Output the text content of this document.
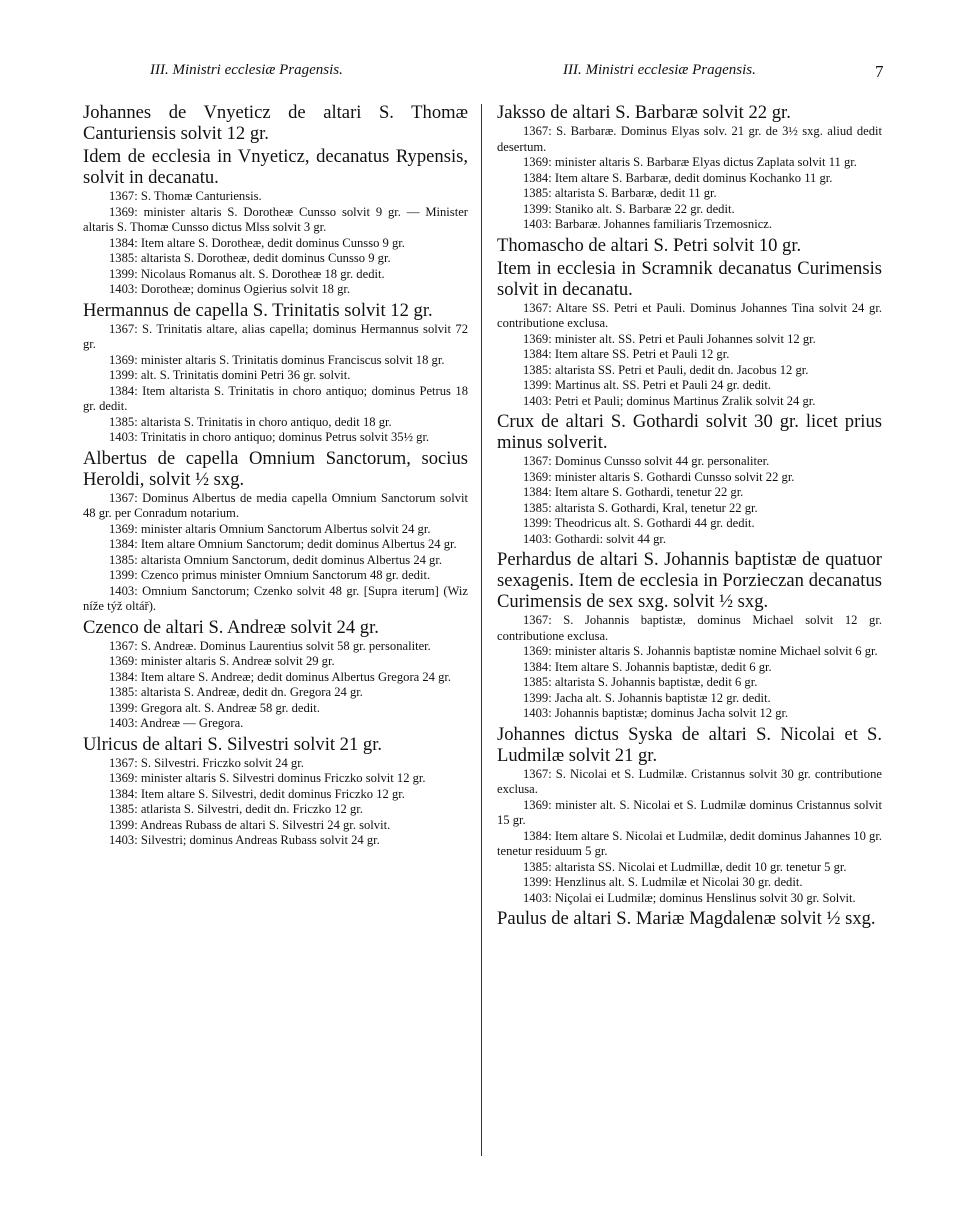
III. Ministri ecclesiæ Pragensis.	III. Ministri ecclesiæ Pragensis.	7

Johannes de Vnyeticz de altari S. Thomæ Canturiensis solvit 12 gr.

Idem de ecclesia in Vnyeticz, decanatus Rypensis, solvit in decanatu.

1367: S. Thomæ Canturiensis.

1369: minister altaris S. Dorotheæ Cunsso solvit 9 gr. — Minister altaris S. Thomæ Cunsso dictus Mlss solvit 3 gr.

1384: Item altare S. Dorotheæ, dedit dominus Cunsso 9 gr.

1385: altarista S. Dorotheæ, dedit dominus Cunsso 9 gr.

1399: Nicolaus Romanus alt. S. Dorotheæ 18 gr. dedit.

1403: Dorotheæ; dominus Ogierius solvit 18 gr.

Hermannus de capella S. Trinitatis solvit 12 gr.

1367: S. Trinitatis altare, alias capella; dominus Hermannus solvit 72 gr.

1369: minister altaris S. Trinitatis dominus Franciscus solvit 18 gr.

1399: alt. S. Trinitatis domini Petri 36 gr. solvit.

1384: Item altarista S. Trinitatis in choro antiquo; dominus Petrus 18 gr. dedit.

1385: altarista S. Trinitatis in choro antiquo, dedit 18 gr.

1403: Trinitatis in choro antiquo; dominus Petrus solvit 35½ gr.

Albertus de capella Omnium Sanctorum, socius Heroldi, solvit ½ sxg.

1367: Dominus Albertus de media capella Omnium Sanctorum solvit 48 gr. per Conradum notarium.

1369: minister altaris Omnium Sanctorum Albertus solvit 24 gr.

1384: Item altare Omnium Sanctorum; dedit dominus Albertus 24 gr.

1385: altarista Omnium Sanctorum, dedit dominus Albertus 24 gr.

1399: Czenco primus minister Omnium Sanctorum 48 gr. dedit.

1403: Omnium Sanctorum; Czenko solvit 48 gr. [Supra iterum] (Wiz níže týž oltář).

Czenco de altari S. Andreæ solvit 24 gr.

1367: S. Andreæ. Dominus Laurentius solvit 58 gr. personaliter.

1369: minister altaris S. Andreæ solvit 29 gr.

1384: Item altare S. Andreæ; dedit dominus Albertus Gregora 24 gr.

1385: altarista S. Andreæ, dedit dn. Gregora 24 gr.

1399: Gregora alt. S. Andreæ 58 gr. dedit.

1403: Andreæ — Gregora.

Ulricus de altari S. Silvestri solvit 21 gr.

1367: S. Silvestri. Friczko solvit 24 gr.

1369: minister altaris S. Silvestri dominus Friczko solvit 12 gr.

1384: Item altare S. Silvestri, dedit dominus Friczko 12 gr.

1385: atlarista S. Silvestri, dedit dn. Friczko 12 gr.

1399: Andreas Rubass de altari S. Silvestri 24 gr. solvit.

1403: Silvestri; dominus Andreas Rubass solvit 24 gr.

Jaksso de altari S. Barbaræ solvit 22 gr.

1367: S. Barbaræ. Dominus Elyas solv. 21 gr. de 3½ sxg. aliud dedit desertum.

1369: minister altaris S. Barbaræ Elyas dictus Zaplata solvit 11 gr.

1384: Item altare S. Barbaræ, dedit dominus Kochanko 11 gr.

1385: altarista S. Barbaræ, dedit 11 gr.

1399: Staniko alt. S. Barbaræ 22 gr. dedit.

1403: Barbaræ. Johannes familiaris Trzemosnicz.

Thomascho de altari S. Petri solvit 10 gr.

Item in ecclesia in Scramnik decanatus Curimensis solvit in decanatu.

1367: Altare SS. Petri et Pauli. Dominus Johannes Tina solvit 24 gr. contributione exclusa.

1369: minister alt. SS. Petri et Pauli Johannes solvit 12 gr.

1384: Item altare SS. Petri et Pauli 12 gr.

1385: altarista SS. Petri et Pauli, dedit dn. Jacobus 12 gr.

1399: Martinus alt. SS. Petri et Pauli 24 gr. dedit.

1403: Petri et Pauli; dominus Martinus Zralik solvit 24 gr.

Crux de altari S. Gothardi solvit 30 gr. licet prius minus solverit.

1367: Dominus Cunsso solvit 44 gr. personaliter.

1369: minister altaris S. Gothardi Cunsso solvit 22 gr.

1384: Item altare S. Gothardi, tenetur 22 gr.

1385: altarista S. Gothardi, Kral, tenetur 22 gr.

1399: Theodricus alt. S. Gothardi 44 gr. dedit.

1403: Gothardi: solvit 44 gr.

Perhardus de altari S. Johannis baptistæ de quatuor sexagenis. Item de ecclesia in Porzieczan decanatus Curimensis de sex sxg. solvit ½ sxg.

1367: S. Johannis baptistæ, dominus Michael solvit 12 gr. contributione exclusa.

1369: minister altaris S. Johannis baptistæ nomine Michael solvit 6 gr.

1384: Item altare S. Johannis baptistæ, dedit 6 gr.

1385: altarista S. Johannis baptistæ, dedit 6 gr.

1399: Jacha alt. S. Johannis baptistæ 12 gr. dedit.

1403: Johannis baptistæ; dominus Jacha solvit 12 gr.

Johannes dictus Syska de altari S. Nicolai et S. Ludmilæ solvit 21 gr.

1367: S. Nicolai et S. Ludmilæ. Cristannus solvit 30 gr. contributione exclusa.

1369: minister alt. S. Nicolai et S. Ludmilæ dominus Cristannus solvit 15 gr.

1384: Item altare S. Nicolai et Ludmilæ, dedit dominus Jahannes 10 gr. tenetur residuum 5 gr.

1385: altarista SS. Nicolai et Ludmillæ, dedit 10 gr. tenetur 5 gr.

1399: Henzlinus alt. S. Ludmilæ et Nicolai 30 gr. dedit.

1403: Niçolai ei Ludmilæ; dominus Henslinus solvit 30 gr. Solvit.

Paulus de altari S. Mariæ Magdalenæ solvit ½ sxg.
